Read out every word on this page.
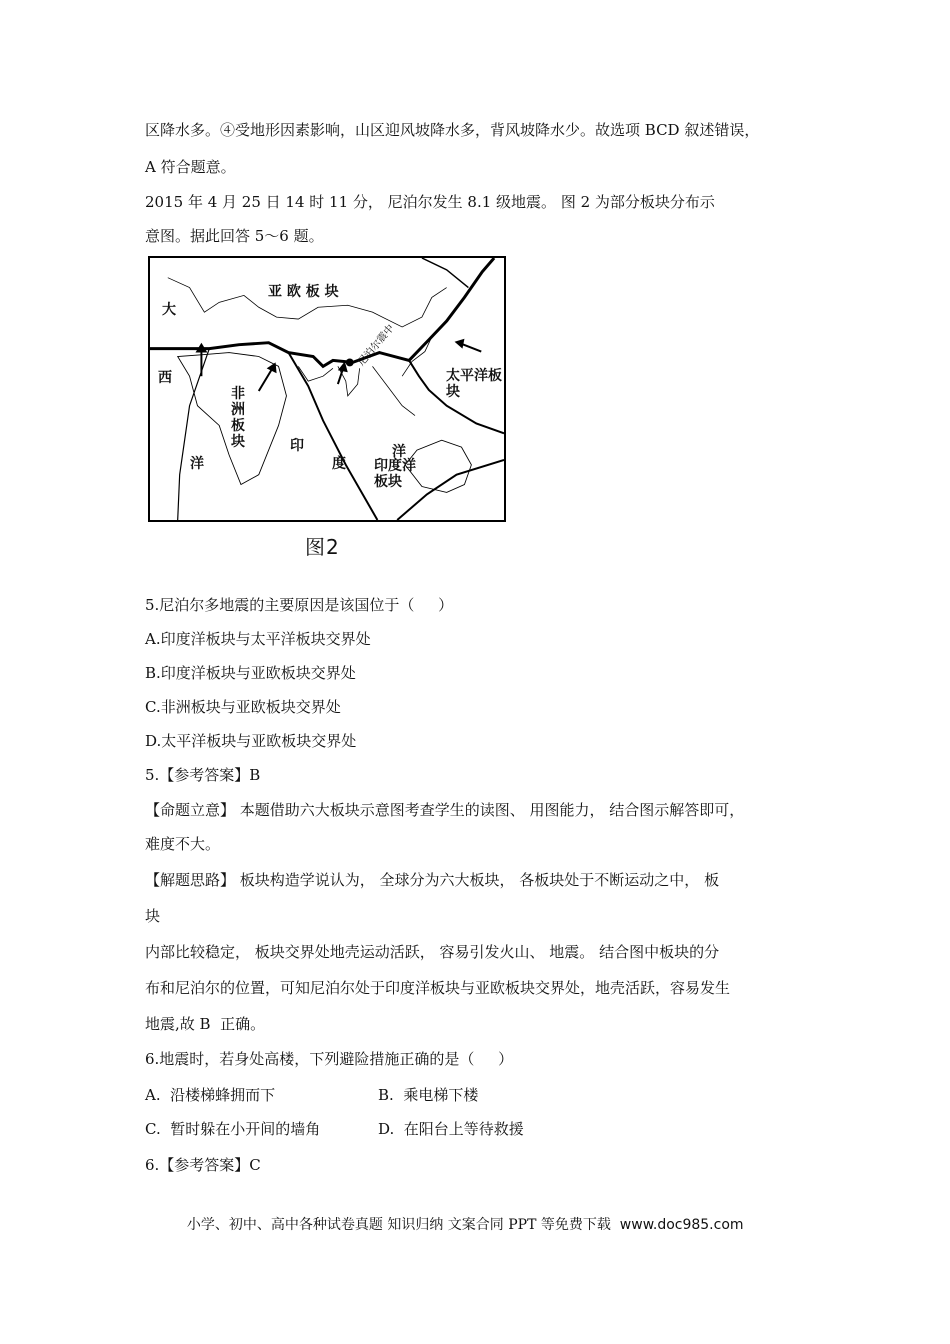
区降水多。④受地形因素影响，山区迎风坡降水多，背风坡降水少。故选项 BCD 叙述错误，

A 符合题意。

2015 年 4 月 25 日 14 时 11 分， 尼泊尔发生 8.1 级地震。 图 2 为部分板块分布示

意图。据此回答 5～6 题。

亚 欧 板 块
大
西
洋
非洲板块	印
度
洋
太平洋板块
印度洋板块
尼泊尔震中
图2

5.尼泊尔多地震的主要原因是该国位于（     ）

A.印度洋板块与太平洋板块交界处

B.印度洋板块与亚欧板块交界处

C.非洲板块与亚欧板块交界处

D.太平洋板块与亚欧板块交界处

5.【参考答案】B

【命题立意】 本题借助六大板块示意图考查学生的读图、 用图能力， 结合图示解答即可，

难度不大。

【解题思路】 板块构造学说认为， 全球分为六大板块， 各板块处于不断运动之中， 板

块

内部比较稳定， 板块交界处地壳运动活跃， 容易引发火山、 地震。 结合图中板块的分

布和尼泊尔的位置，可知尼泊尔处于印度洋板块与亚欧板块交界处，地壳活跃，容易发生

地震,故 B  正确。

6.地震时，若身处高楼，下列避险措施正确的是（     ）

A.  沿楼梯蜂拥而下	B.  乘电梯下楼

C.  暂时躲在小开间的墙角	D.  在阳台上等待救援

6.【参考答案】C

小学、初中、高中各种试卷真题 知识归纳 文案合同 PPT 等免费下载  www.doc985.com
